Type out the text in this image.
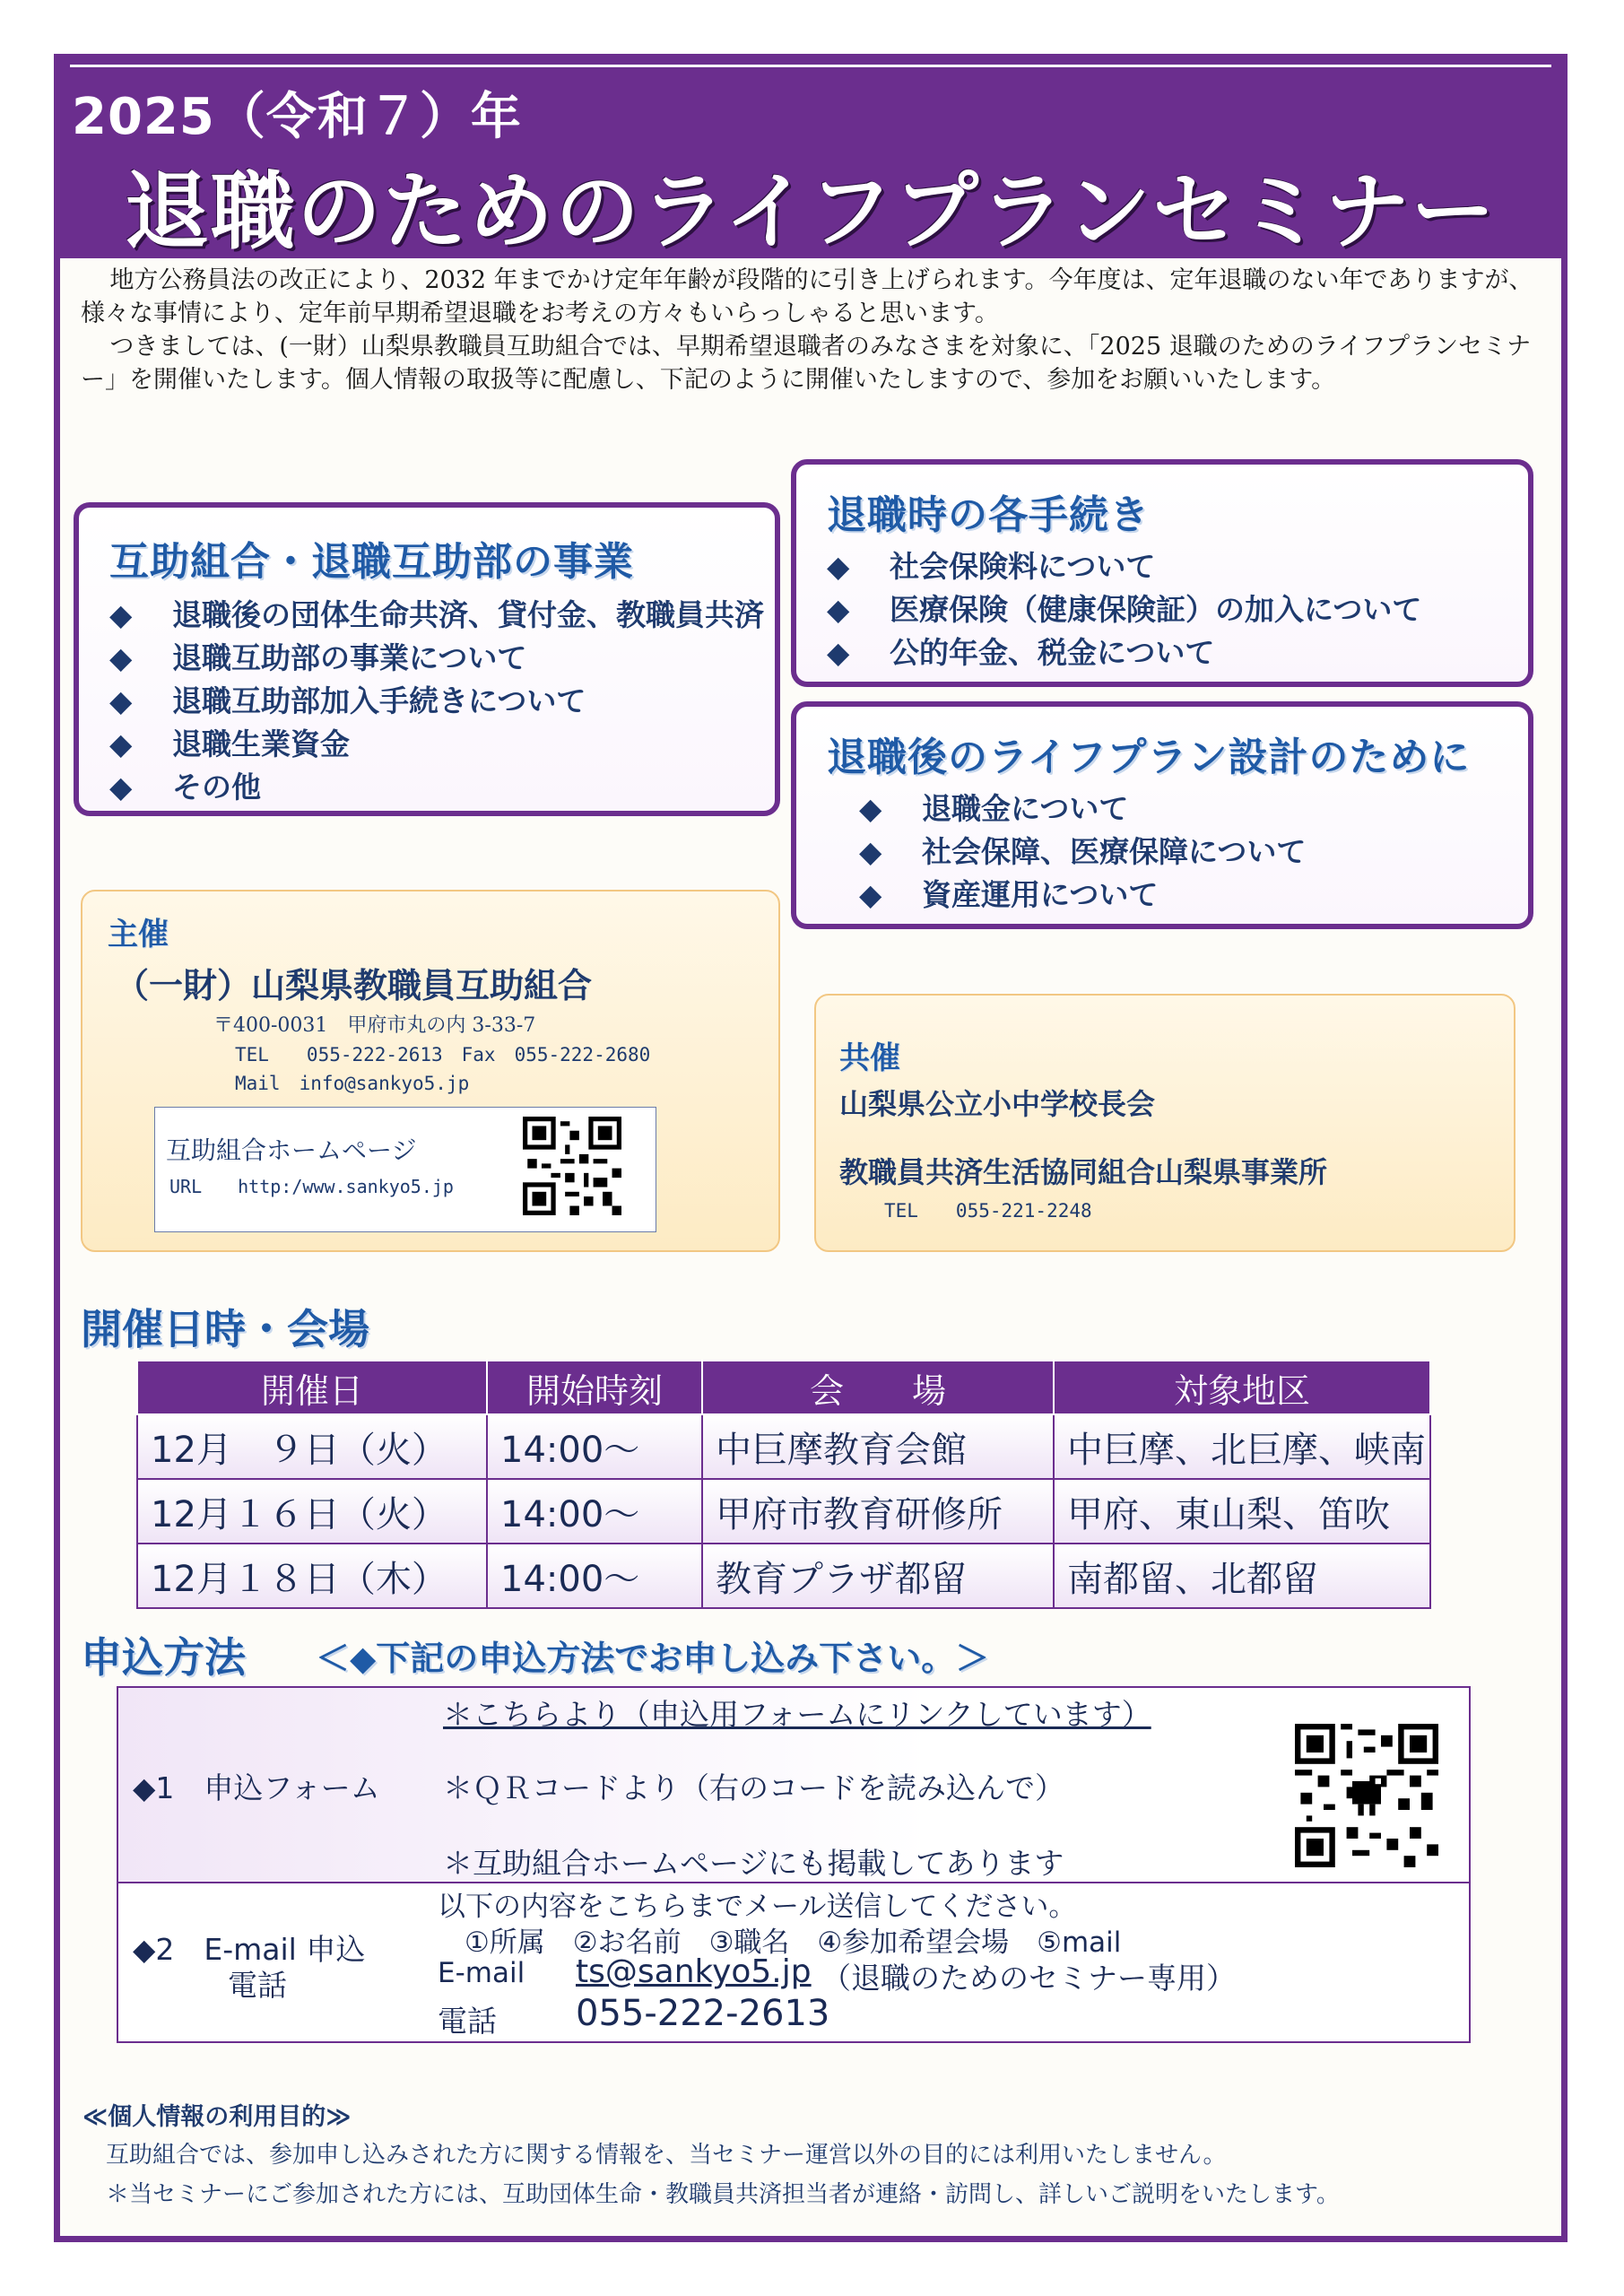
2025（令和７）年
退職のためのライフプランセミナー

地方公務員法の改正により、2032 年までかけ定年年齢が段階的に引き上げられます。今年度は、定年退職のない年でありますが、様々な事情により、定年前早期希望退職をお考えの方々もいらっしゃると思います。

つきましては、(一財）山梨県教職員互助組合では、早期希望退職者のみなさまを対象に、「2025 退職のためのライフプランセミナー」を開催いたします。個人情報の取扱等に配慮し、下記のように開催いたしますので、参加をお願いいたします。

互助組合・退職互助部の事業
◆ 退職後の団体生命共済、貸付金、教職員共済
◆ 退職互助部の事業について
◆ 退職互助部加入手続きについて
◆ 退職生業資金
◆ その他
退職時の各手続き
◆ 社会保険料について
◆ 医療保険（健康保険証）の加入について
◆ 公的年金、税金について
退職後のライフプラン設計のために
◆ 退職金について
◆ 社会保障、医療保障について
◆ 資産運用について
主催
（一財）山梨県教職員互助組合
〒400-0031　甲府市丸の内 3-33-7
TEL　　055-222-2613　Fax　055-222-2680
Mail　info@sankyo5.jp
互助組合ホームページ
URL　　http:/www.sankyo5.jp
共催
山梨県公立小中学校長会
教職員共済生活協同組合山梨県事業所
TEL　　055-221-2248
開催日時・会場
開催日	開始時刻	会　　場	対象地区
12月　９日（火）	14:00～	中巨摩教育会館	中巨摩、北巨摩、峡南
12月１６日（火）	14:00～	甲府市教育研修所	甲府、東山梨、笛吹
12月１８日（木）	14:00～	教育プラザ都留	南都留、北都留
申込方法 ＜◆下記の申込方法でお申し込み下さい。＞
◆1　申込フォーム
＊こちらより（申込用フォームにリンクしています）
＊ＱＲコードより（右のコードを読み込んで）
＊互助組合ホームページにも掲載してあります
◆2　E-mail 申込
電話
以下の内容をこちらまでメール送信してください。
①所属　②お名前　③職名　④参加希望会場　⑤mail
E-mail ts@sankyo5.jp （退職のためのセミナー専用）
電話 055-222-2613
≪個人情報の利用目的≫
互助組合では、参加申し込みされた方に関する情報を、当セミナー運営以外の目的には利用いたしません。
＊当セミナーにご参加された方には、互助団体生命・教職員共済担当者が連絡・訪問し、詳しいご説明をいたします。
